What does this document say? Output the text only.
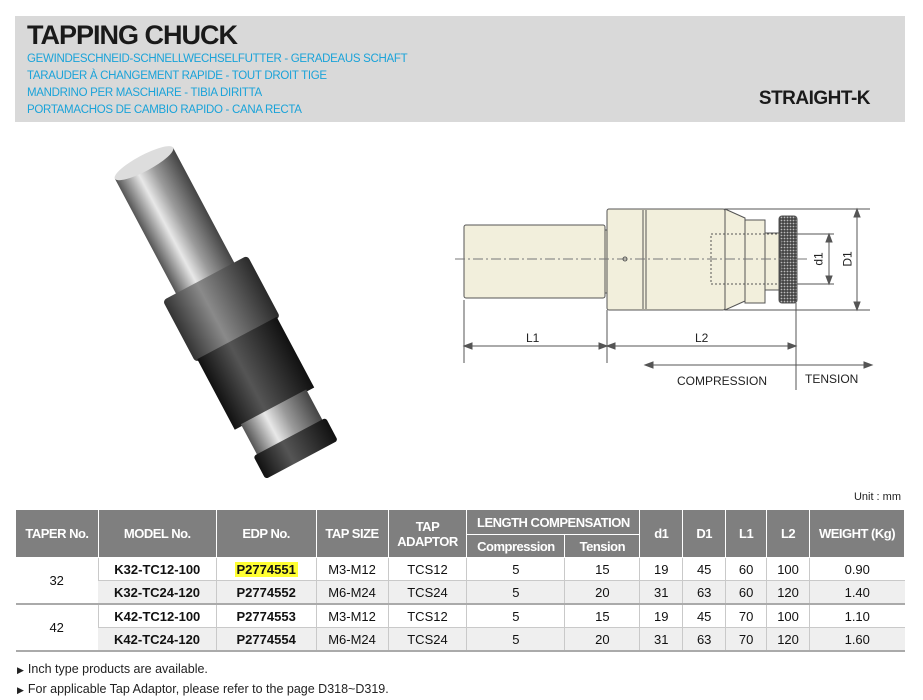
TAPPING CHUCK
GEWINDESCHNEID-SCHNELLWECHSELFUTTER - GERADEAUS SCHAFT
TARAUDER À CHANGEMENT RAPIDE - TOUT DROIT TIGE
MANDRINO PER MASCHIARE - TIBIA DIRITTA
PORTAMACHOS DE CAMBIO RAPIDO - CANA RECTA
STRAIGHT-K
L1	L2
d1 D1
COMPRESSION	TENSION
Unit : mm
TAPER No.	MODEL No.	EDP No.	TAP SIZE	TAP ADAPTOR	LENGTH COMPENSATION		d1	D1	L1	L2	WEIGHT (Kg)
					Compression	Tension					
32	K32-TC12-100	P2774551	M3-M12	TCS12	5	15	19	45	60	100	0.90
	K32-TC24-120	P2774552	M6-M24	TCS24	5	20	31	63	60	120	1.40
42	K42-TC12-100	P2774553	M3-M12	TCS12	5	15	19	45	70	100	1.10
	K42-TC24-120	P2774554	M6-M24	TCS24	5	20	31	63	70	120	1.60
▶ Inch type products are available.
▶ For applicable Tap Adaptor, please refer to the page D318~D319.
